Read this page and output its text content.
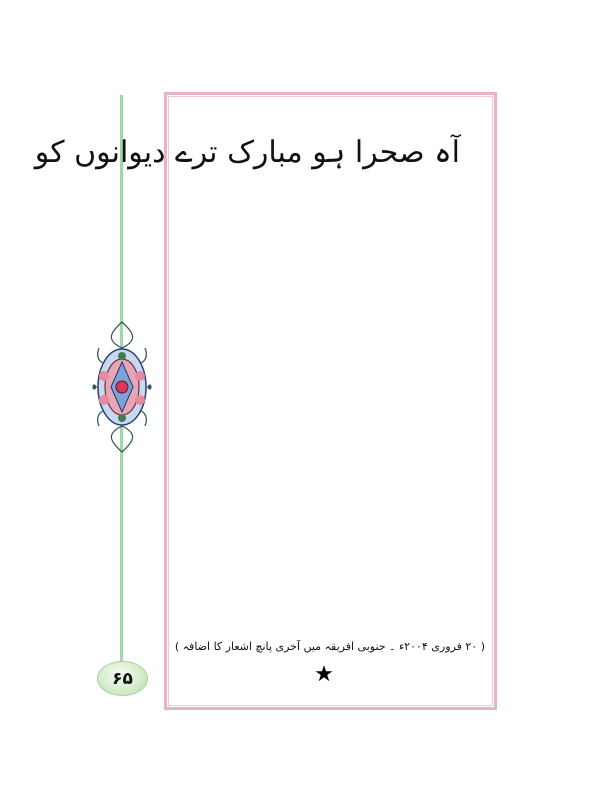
۶۵
آہ صحرا ہو مبارک ترے دیوانوں کو
( ۲۰ فروری ۲۰۰۴ء ۔ جنوبی افریقہ میں آخری پانچ اشعار کا اضافہ )
★
